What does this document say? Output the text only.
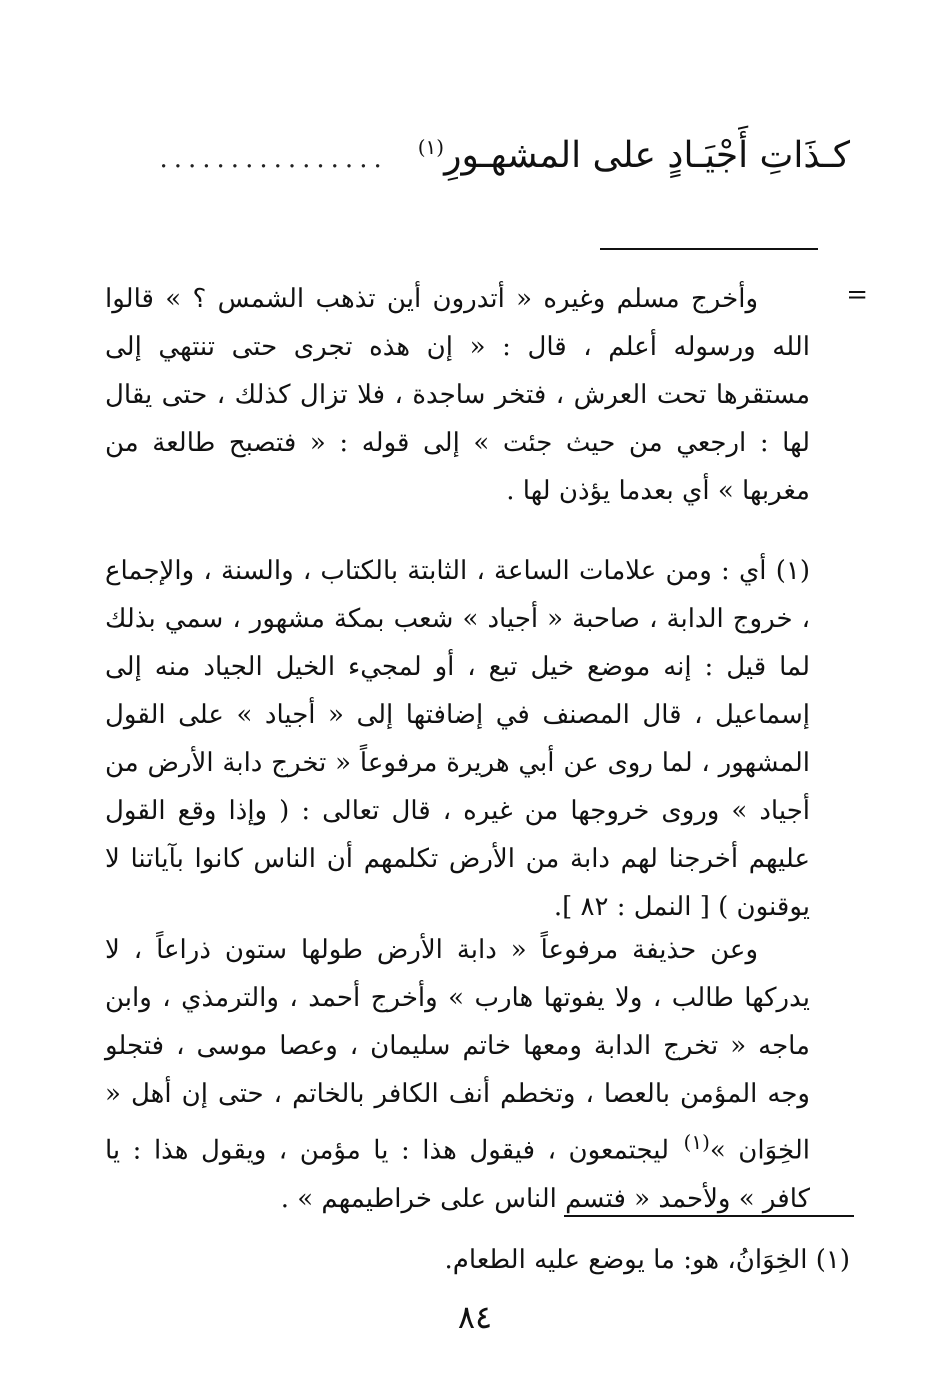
كـذَاتِ أَجْيَـادٍ على المشهـورِ$^{(١)}$
................
=

وأخرج مسلم وغيره « أتدرون أين تذهب الشمس ؟ » قالوا الله ورسوله أعلم ، قال : « إن هذه تجرى حتى تنتهي إلى مستقرها تحت العرش ، فتخر ساجدة ، فلا تزال كذلك ، حتى يقال لها : ارجعي من حيث جئت » إلى قوله : « فتصبح طالعة من مغربها » أي بعدما يؤذن لها .

(١) أي : ومن علامات الساعة ، الثابتة بالكتاب ، والسنة ، والإجماع ، خروج الدابة ، صاحبة « أجياد » شعب بمكة مشهور ، سمي بذلك لما قيل : إنه موضع خيل تبع ، أو لمجيء الخيل الجياد منه إلى إسماعيل ، قال المصنف في إضافتها إلى « أجياد » على القول المشهور ، لما روى عن أبي هريرة مرفوعاً « تخرج دابة الأرض من أجياد » وروى خروجها من غيره ، قال تعالى : ( وإذا وقع القول عليهم أخرجنا لهم دابة من الأرض تكلمهم أن الناس كانوا بآياتنا لا يوقنون ) [ النمل : ٨٢ ].

وعن حذيفة مرفوعاً « دابة الأرض طولها ستون ذراعاً ، لا يدركها طالب ، ولا يفوتها هارب » وأخرج أحمد ، والترمذي ، وابن ماجه « تخرج الدابة ومعها خاتم سليمان ، وعصا موسى ، فتجلو وجه المؤمن بالعصا ، وتخطم أنف الكافر بالخاتم ، حتى إن أهل « الخِوَان »$^{(١)}$ ليجتمعون ، فيقول هذا : يا مؤمن ، ويقول هذا : يا كافر » ولأحمد « فتسم الناس على خراطيمهم » .

(١) الخِوَانُ، هو: ما يوضع عليه الطعام.
٨٤
